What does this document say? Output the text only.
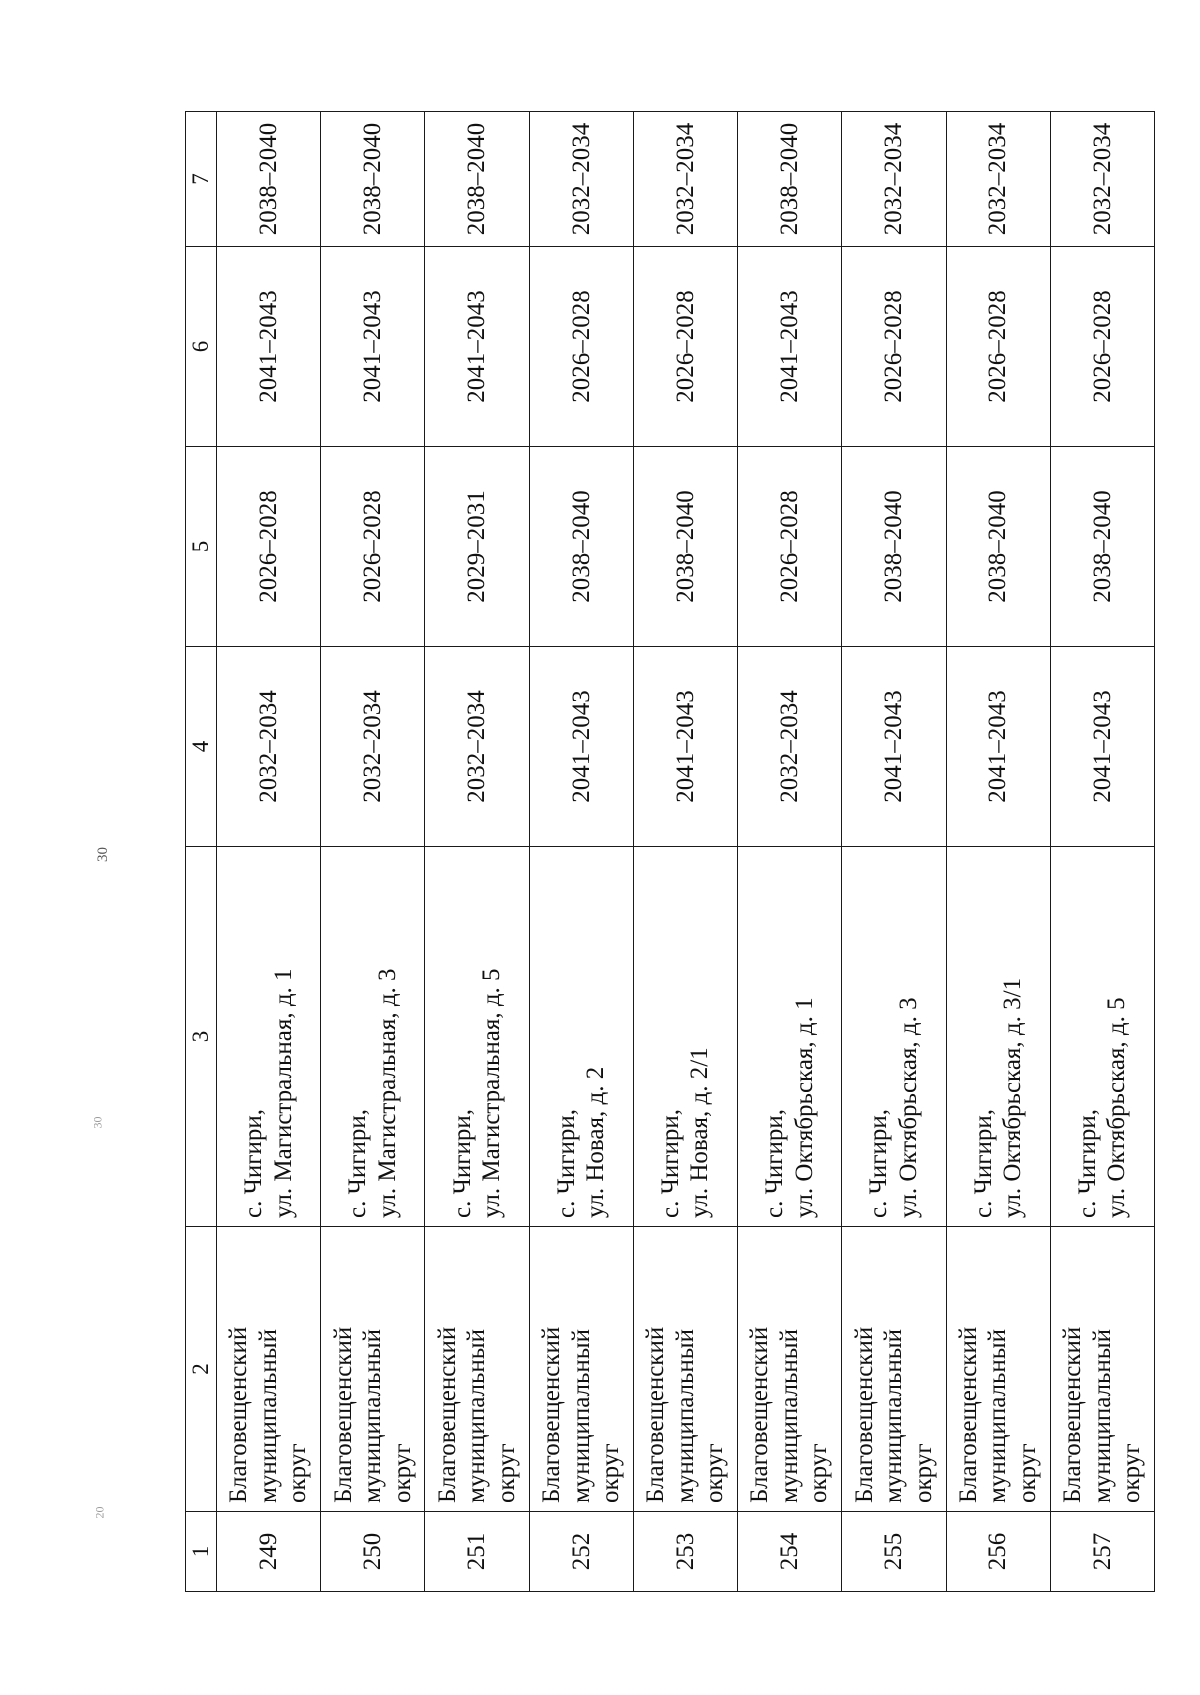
30
30
20
1	2	3	4	5	6	7
249	Благовещенский муниципальный округ	с. Чигири, ул. Магистральная, д. 1	2032–2034	2026–2028	2041–2043	2038–2040
250	Благовещенский муниципальный округ	с. Чигири, ул. Магистральная, д. 3	2032–2034	2026–2028	2041–2043	2038–2040
251	Благовещенский муниципальный округ	с. Чигири, ул. Магистральная, д. 5	2032–2034	2029–2031	2041–2043	2038–2040
252	Благовещенский муниципальный округ	с. Чигири, ул. Новая, д. 2	2041–2043	2038–2040	2026–2028	2032–2034
253	Благовещенский муниципальный округ	с. Чигири, ул. Новая, д. 2/1	2041–2043	2038–2040	2026–2028	2032–2034
254	Благовещенский муниципальный округ	с. Чигири, ул. Октябрьская, д. 1	2032–2034	2026–2028	2041–2043	2038–2040
255	Благовещенский муниципальный округ	с. Чигири, ул. Октябрьская, д. 3	2041–2043	2038–2040	2026–2028	2032–2034
256	Благовещенский муниципальный округ	с. Чигири, ул. Октябрьская, д. 3/1	2041–2043	2038–2040	2026–2028	2032–2034
257	Благовещенский муниципальный округ	с. Чигири, ул. Октябрьская, д. 5	2041–2043	2038–2040	2026–2028	2032–2034
